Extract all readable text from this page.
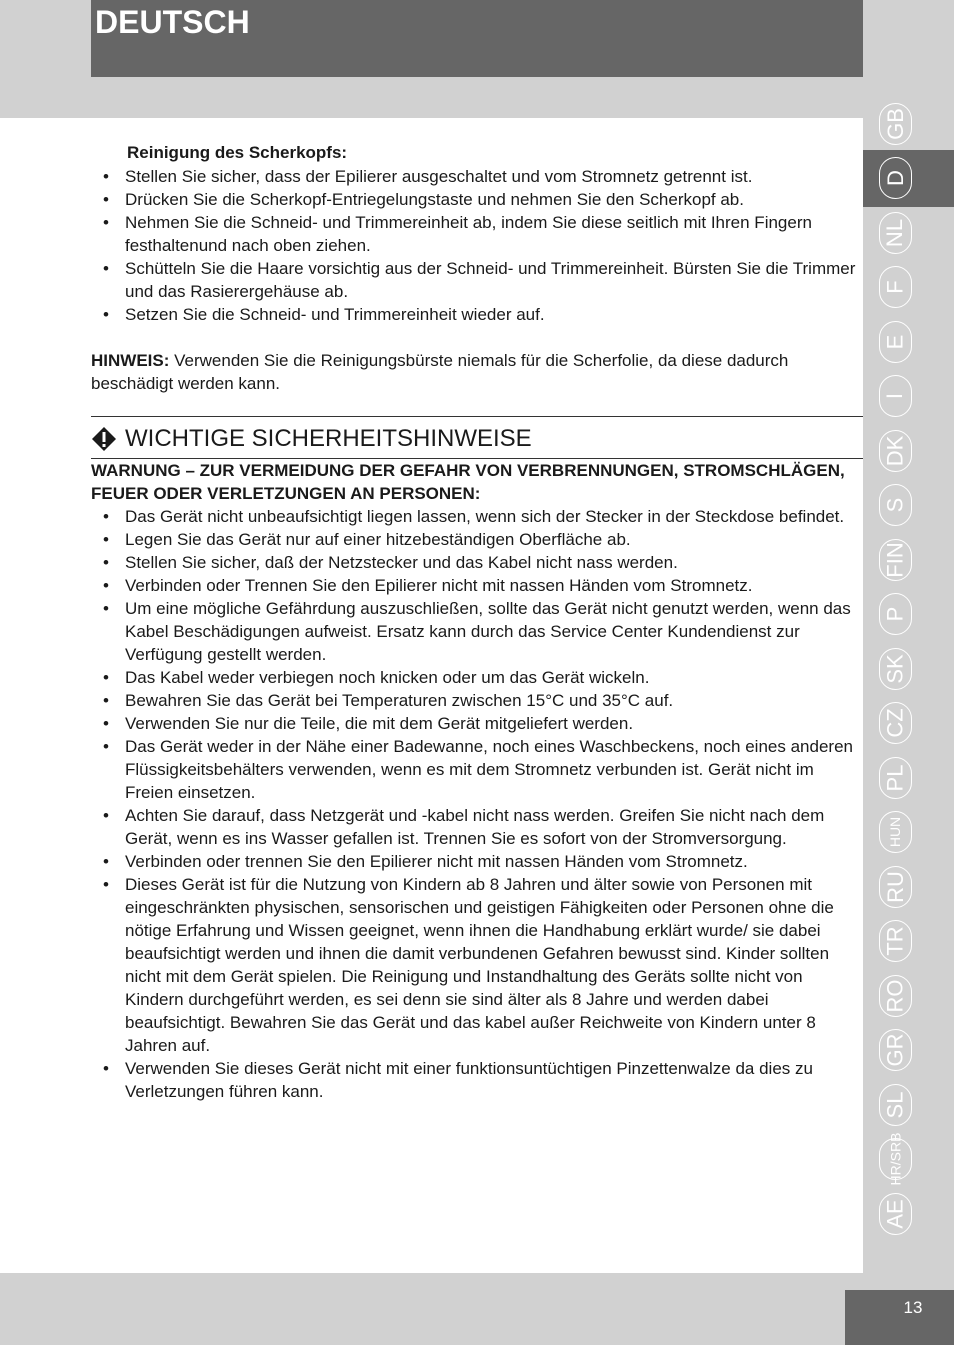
DEUTSCH

Reinigung des Scherkopfs:

• Stellen Sie sicher, dass der Epilierer ausgeschaltet und vom Stromnetz getrennt ist.
• Drücken Sie die Scherkopf-Entriegelungstaste und nehmen Sie den Scherkopf ab.
• Nehmen Sie die Schneid- und Trimmereinheit ab, indem Sie diese seitlich mit Ihren Fingern festhaltenund nach oben ziehen.
• Schütteln Sie die Haare vorsichtig aus der Schneid- und Trimmereinheit. Bürsten Sie die Trimmer und das Rasierergehäuse ab.
• Setzen Sie die Schneid- und Trimmereinheit wieder auf.

HINWEIS: Verwenden Sie die Reinigungsbürste niemals für die Scherfolie, da diese dadurch beschädigt werden kann.

WICHTIGE SICHERHEITSHINWEISE

WARNUNG – ZUR VERMEIDUNG DER GEFAHR VON VERBRENNUNGEN, STROMSCHLÄGEN, FEUER ODER VERLETZUNGEN AN PERSONEN:

• Das Gerät nicht unbeaufsichtigt liegen lassen, wenn sich der Stecker in der Steckdose befindet.
• Legen Sie das Gerät nur auf einer hitzebeständigen Oberfläche ab.
• Stellen Sie sicher, daß der Netzstecker und das Kabel nicht nass werden.
• Verbinden oder Trennen Sie den Epilierer nicht mit nassen Händen vom Stromnetz.
• Um eine mögliche Gefährdung auszuschließen, sollte das Gerät nicht genutzt werden, wenn das Kabel Beschädigungen aufweist. Ersatz kann durch das Service Center Kundendienst zur Verfügung gestellt werden.
• Das Kabel weder verbiegen noch knicken oder um das Gerät wickeln.
• Bewahren Sie das Gerät bei Temperaturen zwischen 15°C und 35°C auf.
• Verwenden Sie nur die Teile, die mit dem Gerät mitgeliefert werden.
• Das Gerät weder in der Nähe einer Badewanne, noch eines Waschbeckens, noch eines anderen Flüssigkeitsbehälters verwenden, wenn es mit dem Stromnetz verbunden ist. Gerät nicht im Freien einsetzen.
• Achten Sie darauf, dass Netzgerät und -kabel nicht nass werden. Greifen Sie nicht nach dem Gerät, wenn es ins Wasser gefallen ist. Trennen Sie es sofort von der Stromversorgung.
• Verbinden oder trennen Sie den Epilierer nicht mit nassen Händen vom Stromnetz.
• Dieses Gerät ist für die Nutzung von Kindern ab 8 Jahren und älter sowie von Personen mit eingeschränkten physischen, sensorischen und geistigen Fähigkeiten oder Personen ohne die nötige Erfahrung und Wissen geeignet, wenn ihnen die Handhabung erklärt wurde/ sie dabei beaufsichtigt werden und ihnen die damit verbundenen Gefahren bewusst sind. Kinder sollten nicht mit dem Gerät spielen. Die Reinigung und Instandhaltung des Geräts sollte nicht von Kindern durchgeführt werden, es sei denn sie sind älter als 8 Jahre und werden dabei beaufsichtigt. Bewahren Sie das Gerät und das kabel außer Reichweite von Kindern unter 8 Jahren auf.
• Verwenden Sie dieses Gerät nicht mit einer funktionsuntüchtigen Pinzettenwalze da dies zu Verletzungen führen kann.
GB
D
NL
F
E
I
DK
S
FIN
P
SK
CZ
PL
HUN
RU
TR
RO
GR
SL
HR/SRB
AE
13
